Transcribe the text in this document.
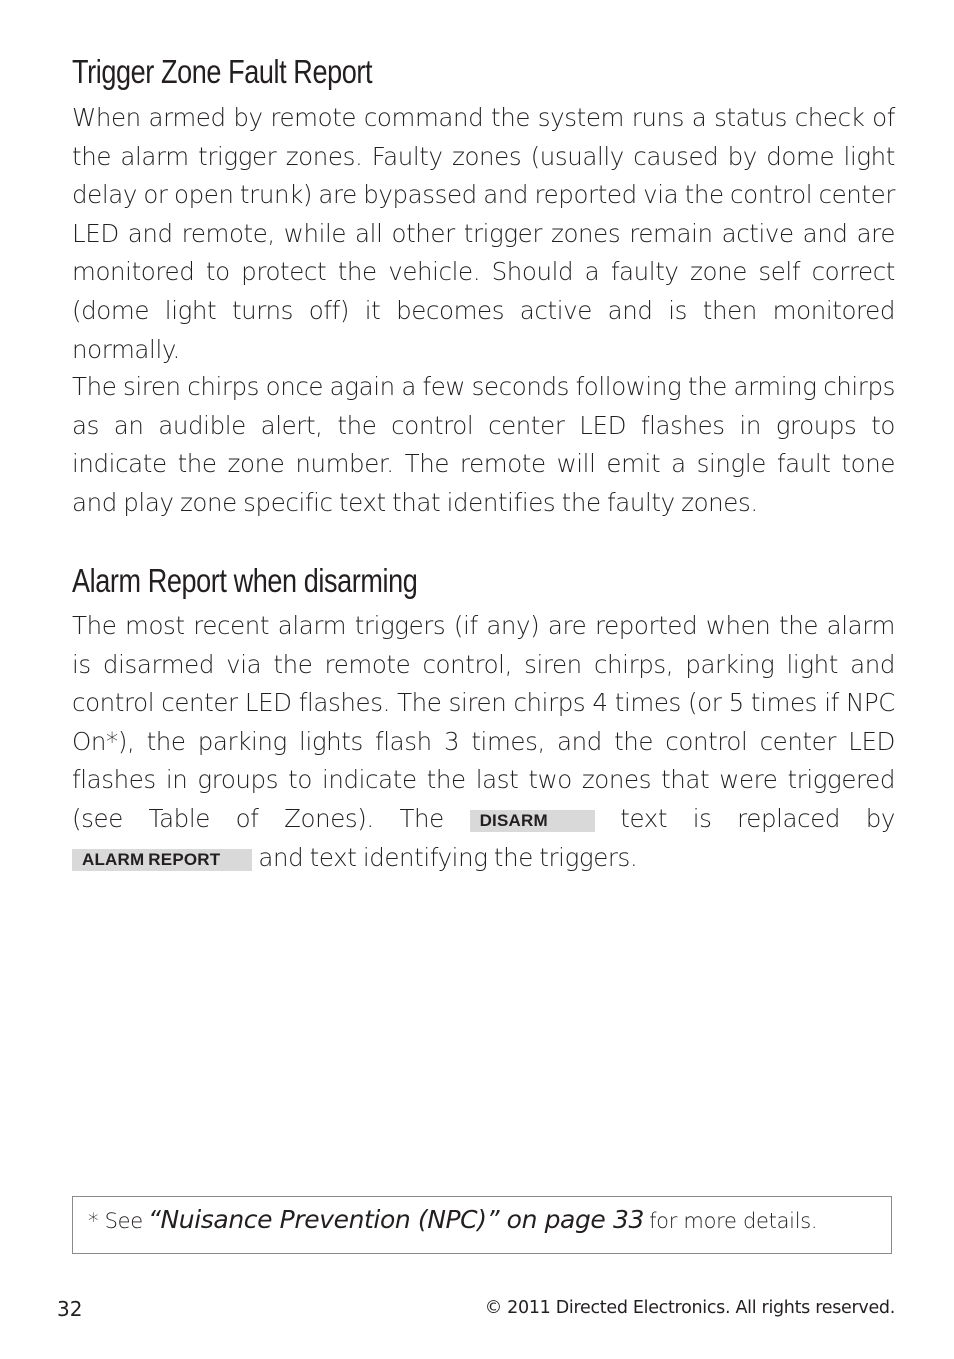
Trigger Zone Fault Report

When armed by remote command the system runs a status check of the alarm trigger zones. Faulty zones (usually caused by dome light delay or open trunk) are bypassed and reported via the control center LED and remote, while all other trigger zones remain active and are monitored to protect the vehicle. Should a faulty zone self correct (dome light turns off) it becomes active and is then monitored normally.

The siren chirps once again a few seconds following the arming chirps as an audible alert, the control center LED flashes in groups to indicate the zone number. The remote will emit a single fault tone and play zone specific text that identifies the faulty zones.

Alarm Report when disarming

The most recent alarm triggers (if any) are reported when the alarm is disarmed via the remote control, siren chirps, parking light and control center LED flashes. The siren chirps 4 times (or 5 times if NPC On*), the parking lights flash 3 times, and the control center LED flashes in groups to indicate the last two zones that were triggered (see Table of Zones). The DISARM	text is replaced by ALARM REPORT and text identifying the triggers.

* See “Nuisance Prevention (NPC)” on page 33 for more details.
32	© 2011 Directed Electronics. All rights reserved.
